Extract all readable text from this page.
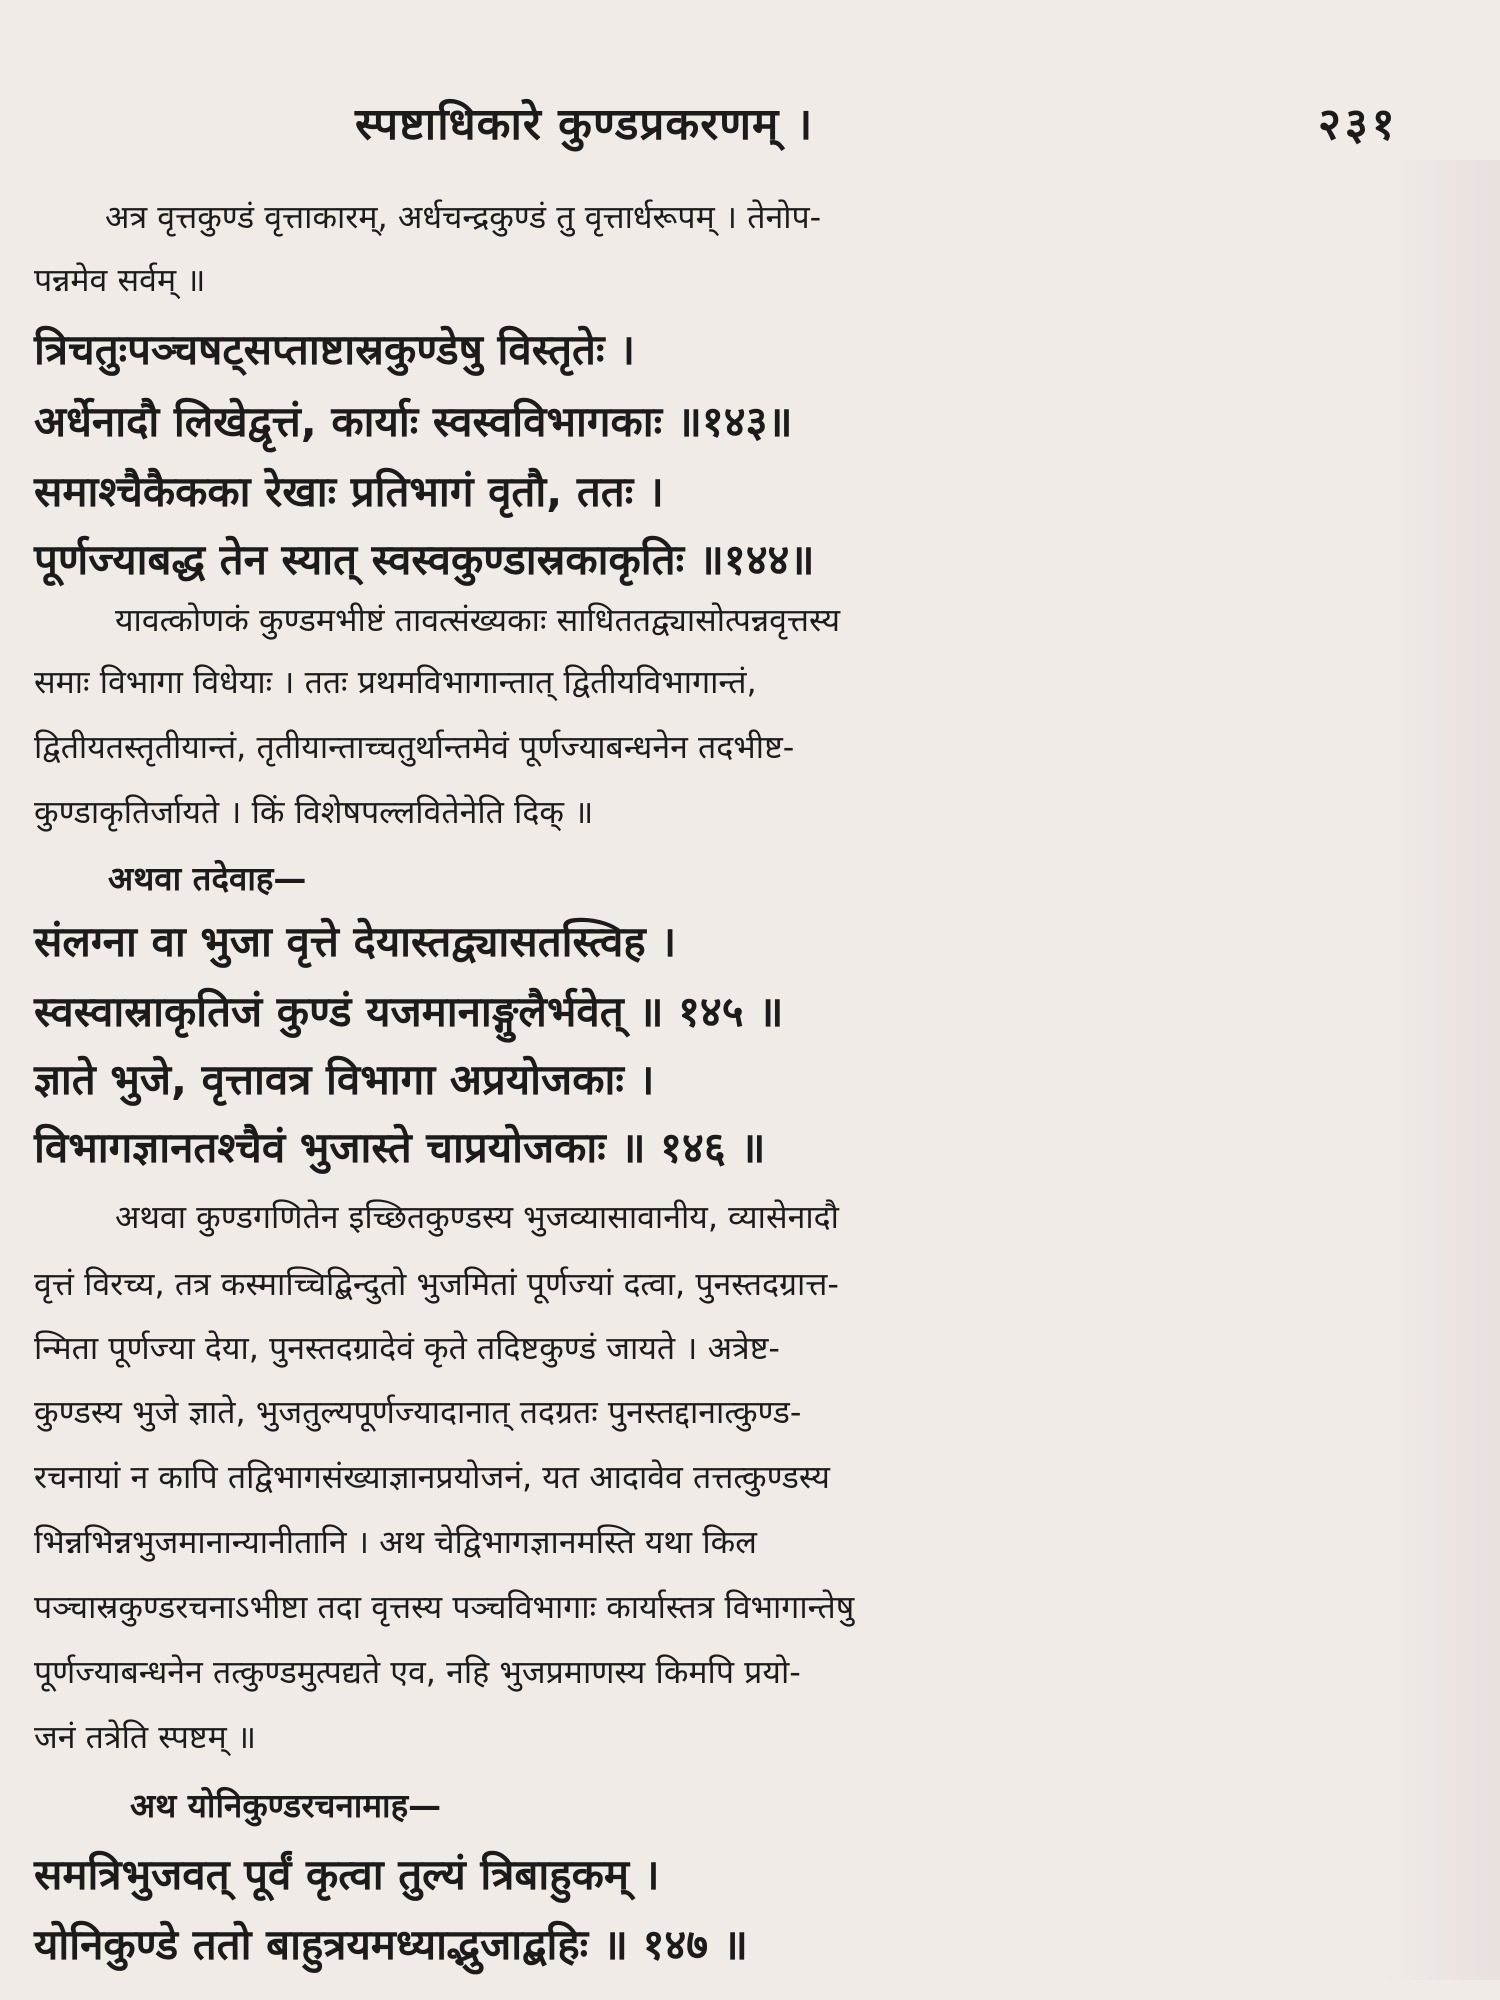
स्पष्टाधिकारे कुण्डप्रकरणम् ।	२३१
अत्र वृत्तकुण्डं वृत्ताकारम्, अर्धचन्द्रकुण्डं तु वृत्तार्धरूपम् । तेनोप-
पन्नमेव सर्वम् ॥
त्रिचतुःपञ्चषट्सप्ताष्टास्रकुण्डेषु विस्तृतेः ।
अर्धेनादौ लिखेद्वृत्तं, कार्याः स्वस्वविभागकाः ॥१४३॥
समाश्चैकैकका रेखाः प्रतिभागं वृतौ, ततः ।
पूर्णज्याबद्ध तेन स्यात् स्वस्वकुण्डास्रकाकृतिः ॥१४४॥
यावत्कोणकं कुण्डमभीष्टं तावत्संख्यकाः साधिततद्व्यासोत्पन्नवृत्तस्य
समाः विभागा विधेयाः । ततः प्रथमविभागान्तात् द्वितीयविभागान्तं,
द्वितीयतस्तृतीयान्तं, तृतीयान्ताच्चतुर्थान्तमेवं पूर्णज्याबन्धनेन तदभीष्ट-
कुण्डाकृतिर्जायते । किं विशेषपल्लवितेनेति दिक् ॥
अथवा तदेवाह—
संलग्ना वा भुजा वृत्ते देयास्तद्व्यासतस्त्विह ।
स्वस्वास्राकृतिजं कुण्डं यजमानाङ्गुलैर्भवेत् ॥ १४५ ॥
ज्ञाते भुजे, वृत्तावत्र विभागा अप्रयोजकाः ।
विभागज्ञानतश्चैवं भुजास्ते चाप्रयोजकाः ॥ १४६ ॥
अथवा कुण्डगणितेन इच्छितकुण्डस्य भुजव्यासावानीय, व्यासेनादौ
वृत्तं विरच्य, तत्र कस्माच्चिद्बिन्दुतो भुजमितां पूर्णज्यां दत्वा, पुनस्तदग्रात्त-
न्मिता पूर्णज्या देया, पुनस्तदग्रादेवं कृते तदिष्टकुण्डं जायते । अत्रेष्ट-
कुण्डस्य भुजे ज्ञाते, भुजतुल्यपूर्णज्यादानात् तदग्रतः पुनस्तद्दानात्कुण्ड-
रचनायां न कापि तद्विभागसंख्याज्ञानप्रयोजनं, यत आदावेव तत्तत्कुण्डस्य
भिन्नभिन्नभुजमानान्यानीतानि । अथ चेद्विभागज्ञानमस्ति यथा किल
पञ्चास्रकुण्डरचनाऽभीष्टा तदा वृत्तस्य पञ्चविभागाः कार्यास्तत्र विभागान्तेषु
पूर्णज्याबन्धनेन तत्कुण्डमुत्पद्यते एव, नहि भुजप्रमाणस्य किमपि प्रयो-
जनं तत्रेति स्पष्टम् ॥
अथ योनिकुण्डरचनामाह—
समत्रिभुजवत् पूर्वं कृत्वा तुल्यं त्रिबाहुकम् ।
योनिकुण्डे ततो बाहुत्रयमध्याद्भुजाद्बहिः ॥ १४७ ॥
